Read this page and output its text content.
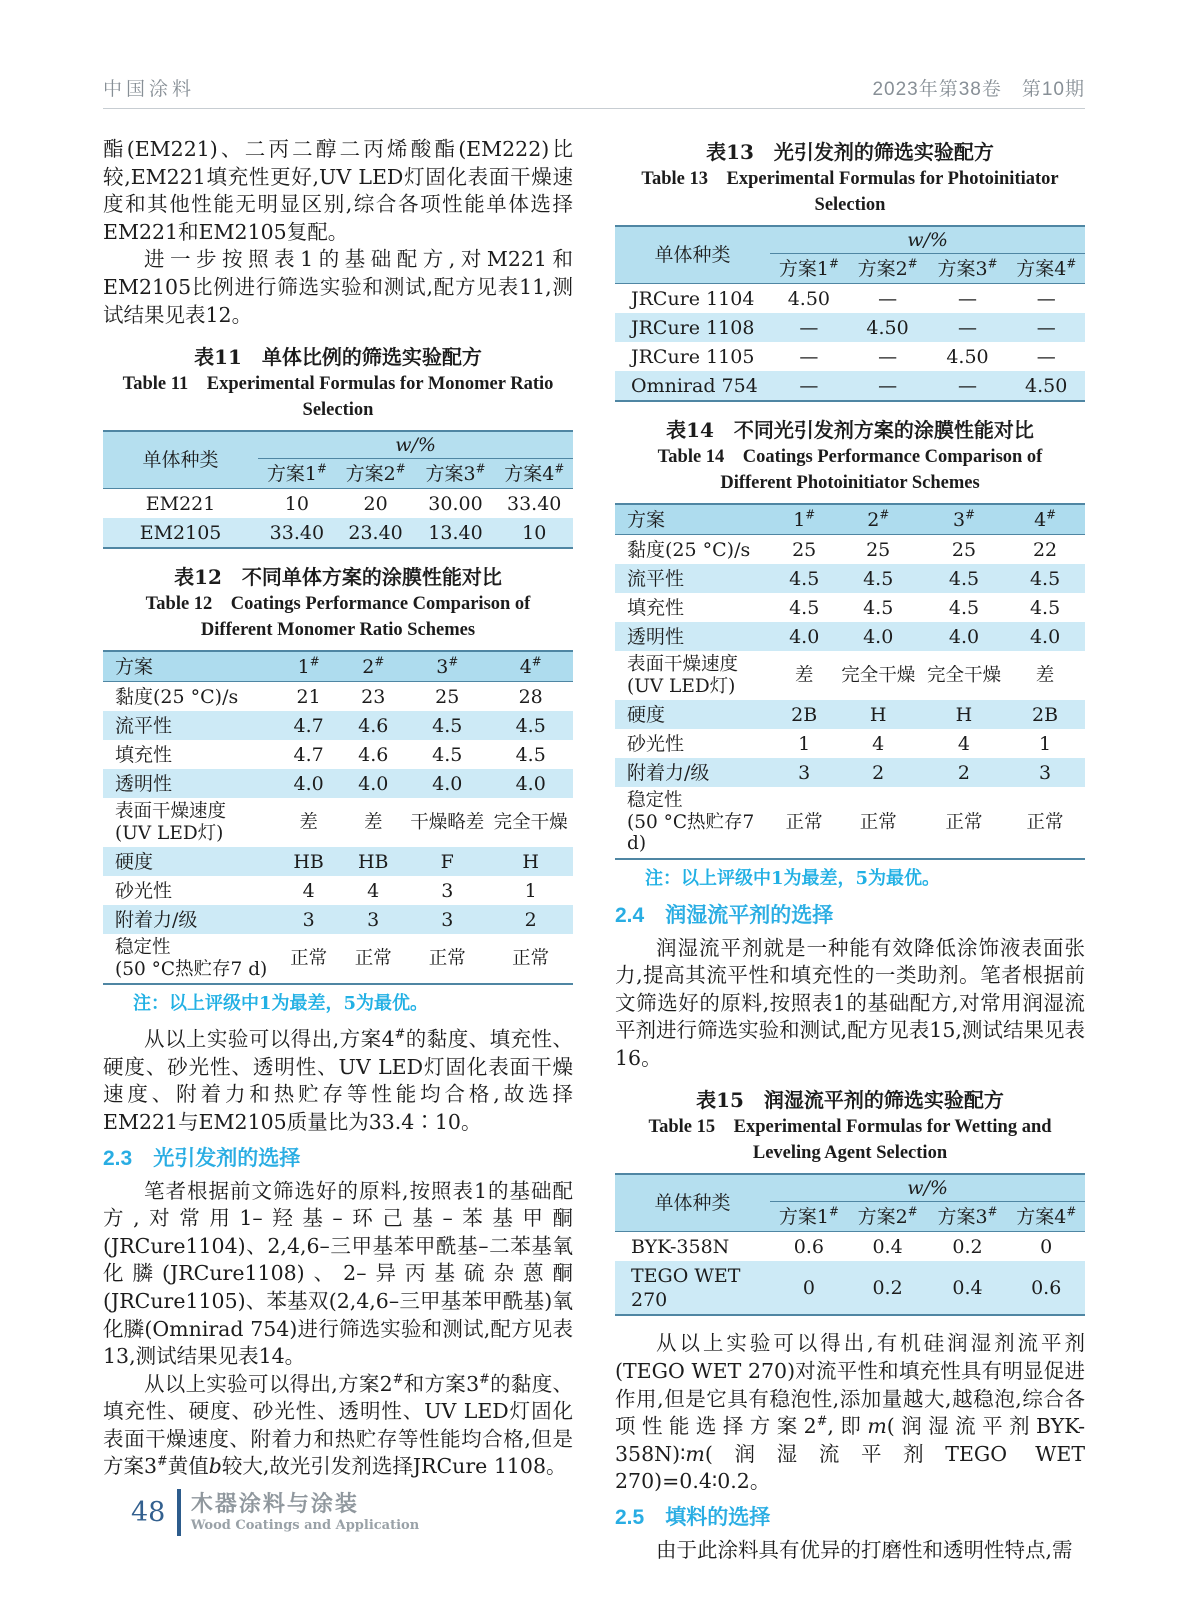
中国涂料	2023年第38卷　第10期
酯(EM221)、二丙二醇二丙烯酸酯(EM222)比较,EM221填充性更好,UV LED灯固化表面干燥速度和其他性能无明显区别,综合各项性能单体选择EM221和EM2105复配。
进一步按照表1的基础配方,对M221和EM2105比例进行筛选实验和测试,配方见表11,测试结果见表12。
表11　单体比例的筛选实验配方
Table 11　Experimental Formulas for Monomer Ratio Selection
单体种类	w/%			
	方案1#	方案2#	方案3#	方案4#
EM221	10	20	30.00	33.40
EM2105	33.40	23.40	13.40	10
表12　不同单体方案的涂膜性能对比
Table 12　Coatings Performance Comparison of Different Monomer Ratio Schemes
方案	1#	2#	3#	4#
黏度(25 °C)/s	21	23	25	28
流平性	4.7	4.6	4.5	4.5
填充性	4.7	4.6	4.5	4.5
透明性	4.0	4.0	4.0	4.0
表面干燥速度
(UV LED灯)	差	差	干燥略差	完全干燥
硬度	HB	HB	F	H
砂光性	4	4	3	1
附着力/级	3	3	3	2
稳定性
(50 °C热贮存7 d)	正常	正常	正常	正常
注：以上评级中1为最差，5为最优。
从以上实验可以得出,方案4#的黏度、填充性、硬度、砂光性、透明性、UV LED灯固化表面干燥速度、附着力和热贮存等性能均合格,故选择EM221与EM2105质量比为33.4∶10。
2.3　光引发剂的选择
笔者根据前文筛选好的原料,按照表1的基础配方,对常用1–羟基–环己基–苯基甲酮(JRCure1104)、2,4,6–三甲基苯甲酰基–二苯基氧化膦(JRCure1108)、2–异丙基硫杂蒽酮(JRCure1105)、苯基双(2,4,6–三甲基苯甲酰基)氧化膦(Omnirad 754)进行筛选实验和测试,配方见表13,测试结果见表14。
从以上实验可以得出,方案2#和方案3#的黏度、填充性、硬度、砂光性、透明性、UV LED灯固化表面干燥速度、附着力和热贮存等性能均合格,但是方案3#黄值b较大,故光引发剂选择JRCure 1108。
表13　光引发剂的筛选实验配方
Table 13　Experimental Formulas for Photoinitiator Selection
单体种类	w/%			
	方案1#	方案2#	方案3#	方案4#
JRCure 1104	4.50	—	—	—
JRCure 1108	—	4.50	—	—
JRCure 1105	—	—	4.50	—
Omnirad 754	—	—	—	4.50
表14　不同光引发剂方案的涂膜性能对比
Table 14　Coatings Performance Comparison of Different Photoinitiator Schemes
方案	1#	2#	3#	4#
黏度(25 °C)/s	25	25	25	22
流平性	4.5	4.5	4.5	4.5
填充性	4.5	4.5	4.5	4.5
透明性	4.0	4.0	4.0	4.0
表面干燥速度
(UV LED灯)	差	完全干燥	完全干燥	差
硬度	2B	H	H	2B
砂光性	1	4	4	1
附着力/级	3	2	2	3
稳定性
(50 °C热贮存7 d)	正常	正常	正常	正常
注：以上评级中1为最差，5为最优。
2.4　润湿流平剂的选择
润湿流平剂就是一种能有效降低涂饰液表面张力,提高其流平性和填充性的一类助剂。笔者根据前文筛选好的原料,按照表1的基础配方,对常用润湿流平剂进行筛选实验和测试,配方见表15,测试结果见表16。
表15　润湿流平剂的筛选实验配方
Table 15　Experimental Formulas for Wetting and Leveling Agent Selection
单体种类	w/%			
	方案1#	方案2#	方案3#	方案4#
BYK-358N	0.6	0.4	0.2	0
TEGO WET 270	0	0.2	0.4	0.6
从以上实验可以得出,有机硅润湿剂流平剂(TEGO WET 270)对流平性和填充性具有明显促进作用,但是它具有稳泡性,添加量越大,越稳泡,综合各项性能选择方案2#,即m(润湿流平剂BYK-358N)∶m(润湿流平剂TEGO WET 270)=0.4∶0.2。
2.5　填料的选择
由于此涂料具有优异的打磨性和透明性特点,需
48 木器涂料与涂装
Wood Coatings and Application
